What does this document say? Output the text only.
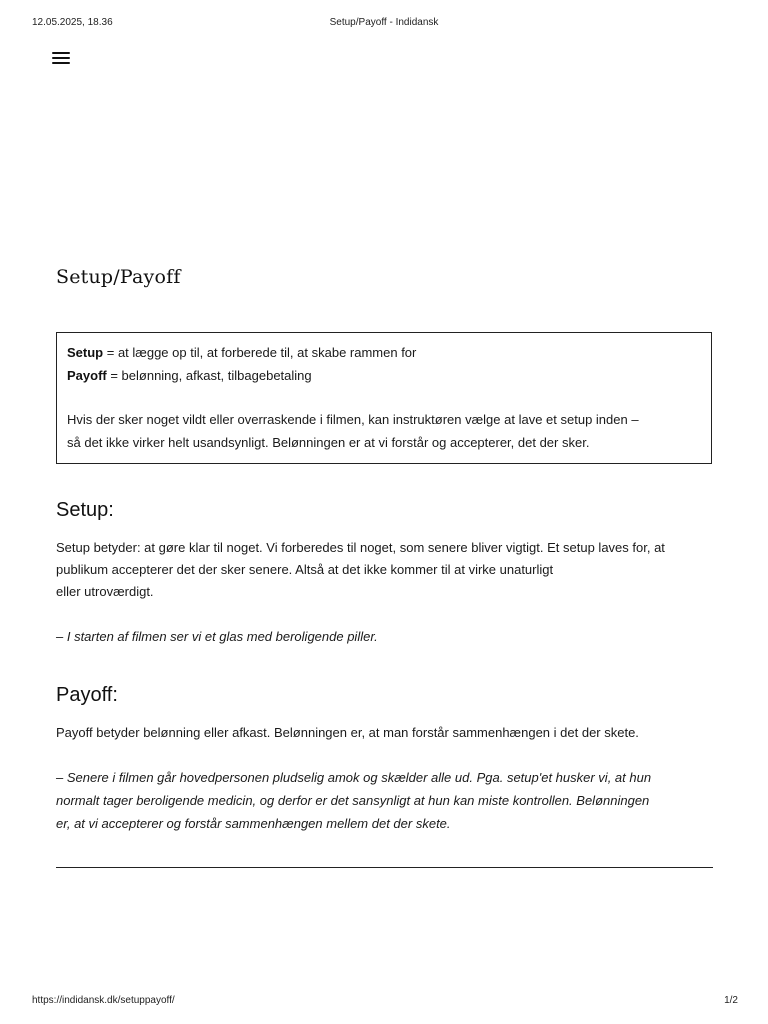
12.05.2025, 18.36	Setup/Payoff - Indidansk
Setup/Payoff

Setup = at lægge op til, at forberede til, at skabe rammen for

Payoff = belønning, afkast, tilbagebetaling

Hvis der sker noget vildt eller overraskende i filmen, kan instruktøren vælge at lave et setup inden –

så det ikke virker helt usandsynligt. Belønningen er at vi forstår og accepterer, det der sker.

Setup:

Setup betyder: at gøre klar til noget. Vi forberedes til noget, som senere bliver vigtigt. Et setup laves for, at

publikum accepterer det der sker senere. Altså at det ikke kommer til at virke unaturligt

eller utroværdigt.

– I starten af filmen ser vi et glas med beroligende piller.

Payoff:

Payoff betyder belønning eller afkast. Belønningen er, at man forstår sammenhængen i det der skete.

– Senere i filmen går hovedpersonen pludselig amok og skælder alle ud. Pga. setup'et husker vi, at hun

normalt tager beroligende medicin, og derfor er det sansynligt at hun kan miste kontrollen. Belønningen

er, at vi accepterer og forstår sammenhængen mellem det der skete.

https://indidansk.dk/setuppayoff/	1/2
